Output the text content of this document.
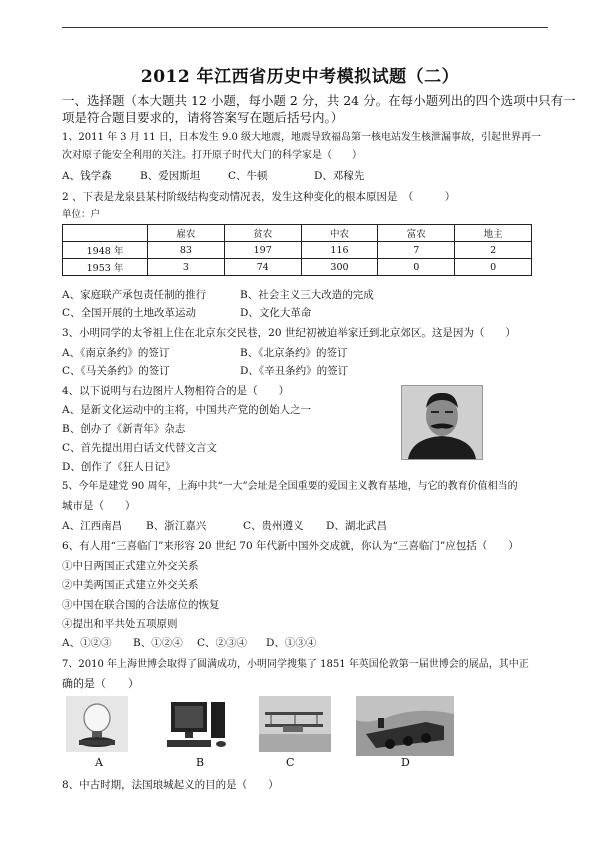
2012 年江西省历史中考模拟试题（二）
一、选择题（本大题共 12 小题，每小题 2 分，共 24 分。在每小题列出的四个选项中只有一
项是符合题目要求的，请将答案写在题后括号内。）
1、2011 年 3 月 11 日，日本发生 9.0 级大地震，地震导致福岛第一核电站发生核泄漏事故，引起世界再一
次对原子能安全利用的关注。打开原子时代大门的科学家是（　　）
A、钱学森	B、爱因斯坦	C、牛顿	D、邓稼先
2 、下表是龙泉县某村阶级结构变动情况表，发生这种变化的根本原因是　（　　　）
单位：户
	雇农	贫农	中农	富农	地主
1948 年	83	197	116	7	2
1953 年	3	74	300	0	0
A、家庭联产承包责任制的推行	B、社会主义三大改造的完成
C、全国开展的土地改革运动	D、文化大革命
3、小明同学的太爷祖上住在北京东交民巷，20 世纪初被迫举家迁到北京郊区。这是因为（　　）
A、《南京条约》的签订	B、《北京条约》的签订
C、《马关条约》的签订	D、《辛丑条约》的签订
4、以下说明与右边图片人物相符合的是（　　）
A、是新文化运动中的主将，中国共产党的创始人之一
B、创办了《新青年》杂志
C、首先提出用白话文代替文言文
D、创作了《狂人日记》
5、今年是建党 90 周年，上海中共“一大”会址是全国重要的爱国主义教育基地，与它的教育价值相当的
城市是（　　）
A、江西南昌 B、浙江嘉兴	C、贵州遵义 D、湖北武昌
6、有人用“三喜临门”来形容 20 世纪 70 年代新中国外交成就，你认为“三喜临门”应包括（　　）
①中日两国正式建立外交关系
②中美两国正式建立外交关系
③中国在联合国的合法席位的恢复
④提出和平共处五项原则
A、①②③ B、①②④ C、②③④ D、①③④
7、2010 年上海世博会取得了圆满成功，小明同学搜集了 1851 年英国伦敦第一届世博会的展品，其中正
确的是（　　）
A	B	C	D
8、中古时期，法国琅城起义的目的是（　　）
